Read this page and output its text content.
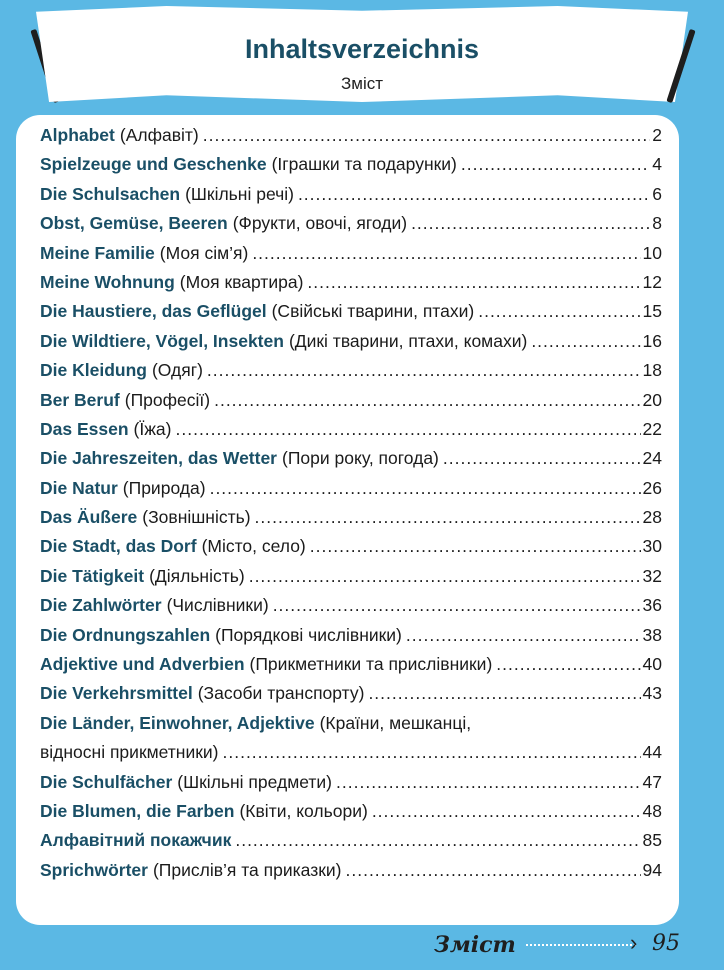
Inhaltsverzeichnis
Зміст
Alphabet (Алфавіт) .....	2
Spielzeuge und Geschenke (Іграшки та подарунки) .....	4
Die Schulsachen (Шкільні речі) .....	6
Obst, Gemüse, Beeren (Фрукти, овочі, ягоди) .....	8
Meine Familie (Моя сім’я) .....	10
Meine Wohnung (Моя квартира) .....	12
Die Haustiere, das Geflügel (Свійські тварини, птахи) .....	15
Die Wildtiere, Vögel, Insekten (Дикі тварини, птахи, комахи) .....	16
Die Kleidung (Одяг) .....	18
Ber Beruf (Професії) .....	20
Das Essen (Їжа) .....	22
Die Jahreszeiten, das Wetter (Пори року, погода) .....	24
Die Natur (Природа) .....	26
Das Äußere (Зовнішність) .....	28
Die Stadt, das Dorf (Місто, село) .....	30
Die Tätigkeit (Діяльність) .....	32
Die Zahlwörter (Числівники) .....	36
Die Ordnungszahlen (Порядкові числівники) .....	38
Adjektive und Adverbien (Прикметники та прислівники) .....	40
Die Verkehrsmittel (Засоби транспорту) .....	43
Die Länder, Einwohner, Adjektive (Країни, мешканці,
відносні прикметники) .....	44
Die Schulfächer (Шкільні предмети) .....	47
Die Blumen, die Farben (Квіти, кольори) .....	48
Алфавітний покажчик .....	85
Sprichwörter (Прислів’я та приказки) .....	94
Зміст	› 95
